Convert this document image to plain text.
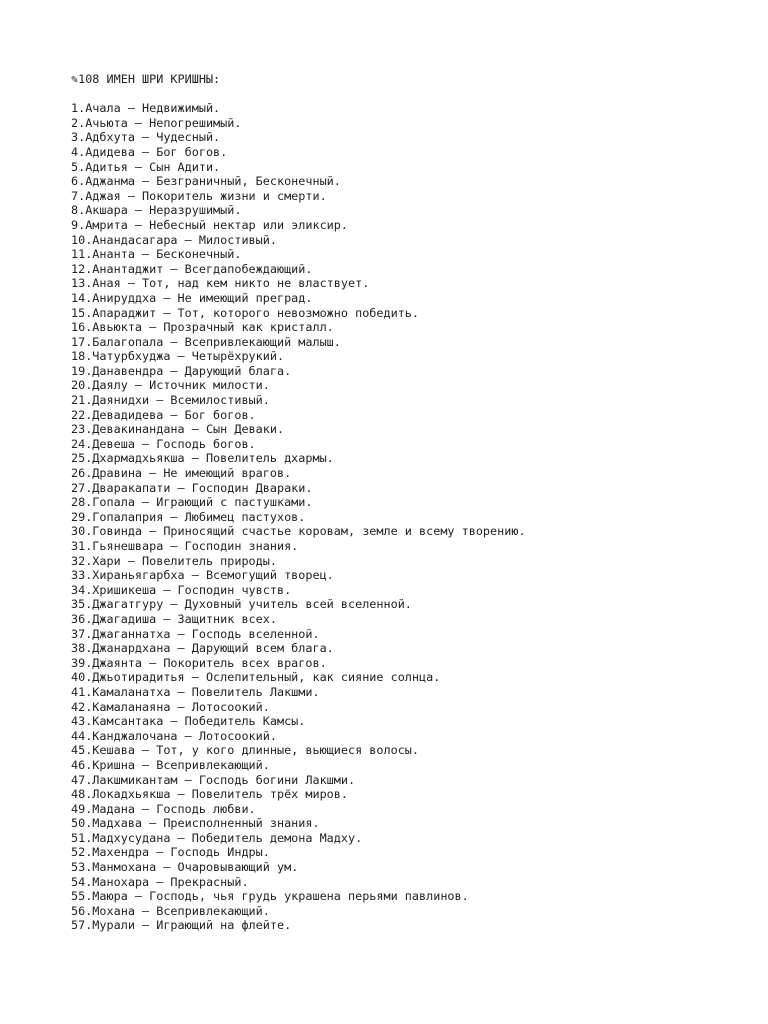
✎108 ИМЕН ШРИ КРИШНЫ:
1.Ачала — Недвижимый.
2.Ачьюта — Непогрешимый.
3.Адбхута — Чудесный.
4.Адидева — Бог богов.
5.Адитья — Сын Адити.
6.Аджанма — Безграничный, Бесконечный.
7.Аджая — Покоритель жизни и смерти.
8.Акшара — Неразрушимый.
9.Амрита — Небесный нектар или эликсир.
10.Анандасагара — Милостивый.
11.Ананта — Бесконечный.
12.Анантаджит — Всегдапобеждающий.
13.Аная — Тот, над кем никто не властвует.
14.Анируддха — Не имеющий преград.
15.Апараджит — Тот, которого невозможно победить.
16.Авьюкта — Прозрачный как кристалл.
17.Балагопала — Всепривлекающий малыш.
18.Чатурбхуджа — Четырёхрукий.
19.Данавендра — Дарующий блага.
20.Даялу — Источник милости.
21.Даянидхи — Всемилостивый.
22.Девадидева — Бог богов.
23.Девакинандана — Сын Деваки.
24.Девеша — Господь богов.
25.Дхармадхьякша — Повелитель дхармы.
26.Дравина — Не имеющий врагов.
27.Дваракапати — Господин Двараки.
28.Гопала — Играющий с пастушками.
29.Гопалаприя — Любимец пастухов.
30.Говинда — Приносящий счастье коровам, земле и всему творению.
31.Гьянешвара — Господин знания.
32.Хари — Повелитель природы.
33.Хираньягарбха — Всемогущий творец.
34.Хришикеша — Господин чувств.
35.Джагатгуру — Духовный учитель всей вселенной.
36.Джагадиша — Защитник всех.
37.Джаганнатха — Господь вселенной.
38.Джанардхана — Дарующий всем блага.
39.Джаянта — Покоритель всех врагов.
40.Джьотирадитья — Ослепительный, как сияние солнца.
41.Камаланатха — Повелитель Лакшми.
42.Камаланаяна — Лотосоокий.
43.Камсантака — Победитель Камсы.
44.Канджалочана — Лотосоокий.
45.Кешава — Тот, у кого длинные, вьющиеся волосы.
46.Кришна — Всепривлекающий.
47.Лакшмикантам — Господь богини Лакшми.
48.Локадхьякша — Повелитель трёх миров.
49.Мадана — Господь любви.
50.Мадхава — Преисполненный знания.
51.Мадхусудана — Победитель демона Мадху.
52.Махендра — Господь Индры.
53.Манмохана — Очаровывающий ум.
54.Манохара — Прекрасный.
55.Маюра — Господь, чья грудь украшена перьями павлинов.
56.Мохана — Всепривлекающий.
57.Мурали — Играющий на флейте.
